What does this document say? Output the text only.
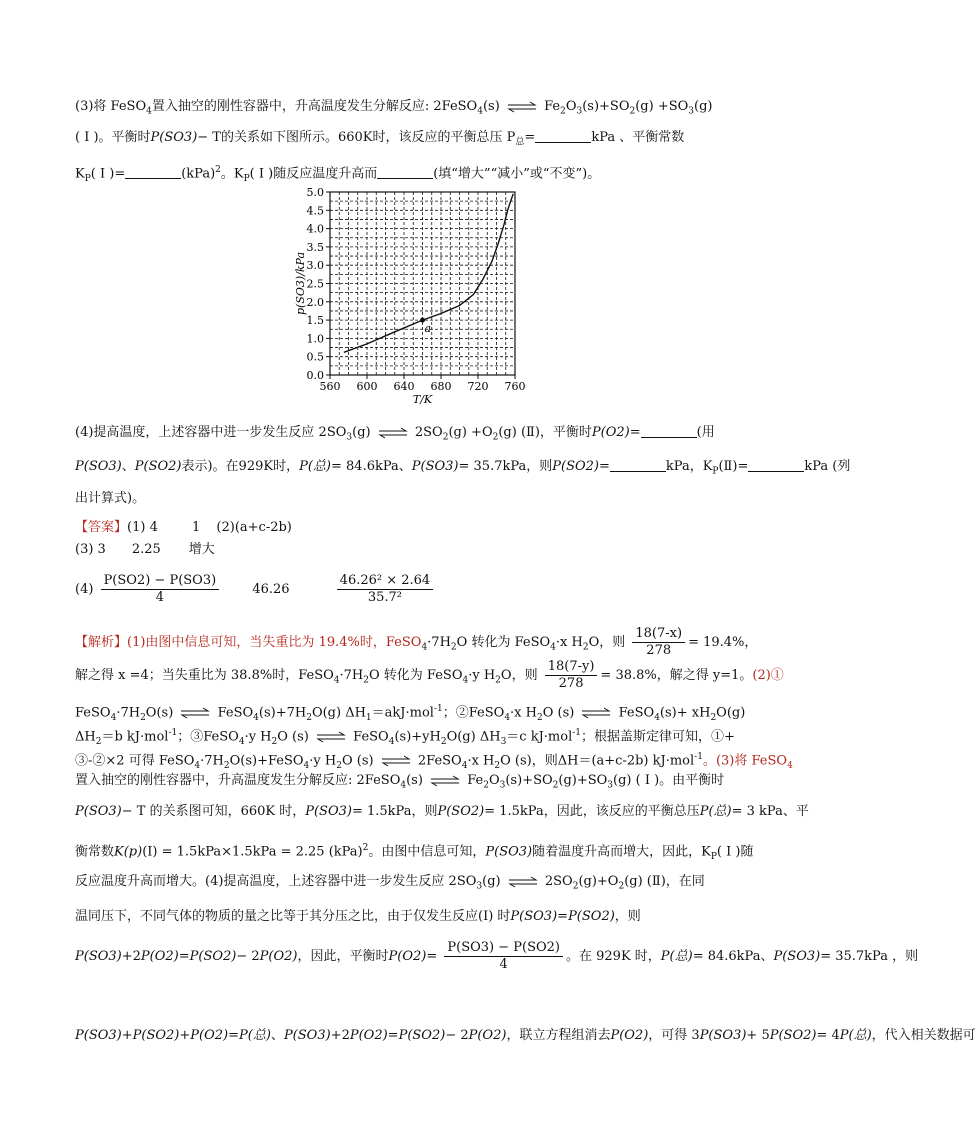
(3)将 FeSO$_4$置入抽空的刚性容器中，升高温度发生分解反应: 2FeSO$_4$(s) ⇌ $Fe_2O_3(s)+SO_2(g) +SO_3(g)$
( I )。平衡时P(SO3)− T的关系如下图所示。660K时，该反应的平衡总压 $P_总=$	kPa 、平衡常数
$K_P$( I )=	(kPa)$^2$。$K_P$( I )随反应温度升高而	(填“增大”“减小”或“不变”)。
0.0
0.5
1.0
1.5
2.0
2.5
3.0
3.5
4.0
4.5
5.0
560 600 640 680 720 760
a
T/K
p(SO3)/kPa
(4)提高温度，上述容器中进一步发生反应 $2SO_3(g)$ ⇌ $2SO_2(g) +O_2(g)$ (Ⅱ)，平衡时P(O2)=	(用
P(SO3)、P(SO2)表示)。在929K时，P(总)= 84.6kPa、P(SO3)= 35.7kPa，则P(SO2)=	kPa，$K_P(Ⅱ)=$	kPa (列
出计算式)。
【答案】(1) 4	1 (2)(a+c-2b)
(3) 3 2.25 增大
$(4) \frac{P(SO2) - P(SO3)}{4}$	46.26	$\frac{\text{46.26² × 2.64}}{\text{35.7²}}$
【解析】(1)由图中信息可知，当失重比为 19.4%时，$FeSO_4\cdot 7H_2O$ 转化为 FeSO$_4$·x $H_2O$，则 $\frac{18(7-x)}{278} = 19.4\%$，
解之得 x =4；当失重比为 38.8%时，$FeSO_4\cdot 7H_2O$ 转化为 FeSO$_4$·y $H_2O$，则 $\frac{18(7-y)}{278} = 38.8\%$，解之得 y=1。(2)①
$FeSO_4\cdot 7H_2O(s)$ ⇌ $FeSO_4(s)+7H_2O(g)$ $\Delta H_1=akJ\cdot mol^{-1}$；②FeSO$_4$·x $H_2O$ (s) ⇌ FeSO$_4$(s)+ $xH_2O(g)$
$\Delta H_2=b$ kJ·mol$^{-1}$；③FeSO$_4$·y $H_2O$ (s) ⇌ $FeSO_4(s)+yH_2O(g)$ $\Delta H_3=c$ kJ·mol$^{-1}$；根据盖斯定律可知，①+
③-②×2 可得 $FeSO_4\cdot 7H_2O(s)+FeSO_4\cdot y$ $H_2O$ (s) ⇌ 2FeSO$_4$·x $H_2O$ (s)，则ΔH＝(a+c-2b) kJ·mol$^{-1}$。(3)将 FeSO$_4$
置入抽空的刚性容器中，升高温度发生分解反应: 2FeSO$_4$(s) ⇌ $Fe_2O_3(s)+SO_2(g)+SO_3(g)$ ( I )。由平衡时
P(SO3)− T 的关系图可知，660K 时，P(SO3)= 1.5kPa，则P(SO2)= 1.5kPa，因此，该反应的平衡总压P(总)= 3 kPa、平
衡常数K(p)(I) = 1.5kPa×1.5kPa = 2.25 (kPa)$^2$。由图中信息可知，P(SO3)随着温度升高而增大，因此，$K_P$( I )随
反应温度升高而增大。(4)提高温度，上述容器中进一步发生反应 $2SO_3(g)$ ⇌ $2SO_2(g)+O_2(g)$ (Ⅱ)，在同
温同压下，不同气体的物质的量之比等于其分压之比，由于仅发生反应(I) 时P(SO3)=P(SO2)，则
P(SO3)+2P(O2)=P(SO2)− 2P(O2)，因此，平衡时$P(O2)= \frac{P(SO3) - P(SO2)}{4}$ 。在 929K 时，P(总)= 84.6kPa、P(SO3)= 35.7kPa ，则
P(SO3)+P(SO2)+P(O2)=P(总)、P(SO3)+2P(O2)=P(SO2)− 2P(O2)，联立方程组消去P(O2)，可得 3P(SO3)+ 5P(SO2)= 4P(总)，代入相关数据可
